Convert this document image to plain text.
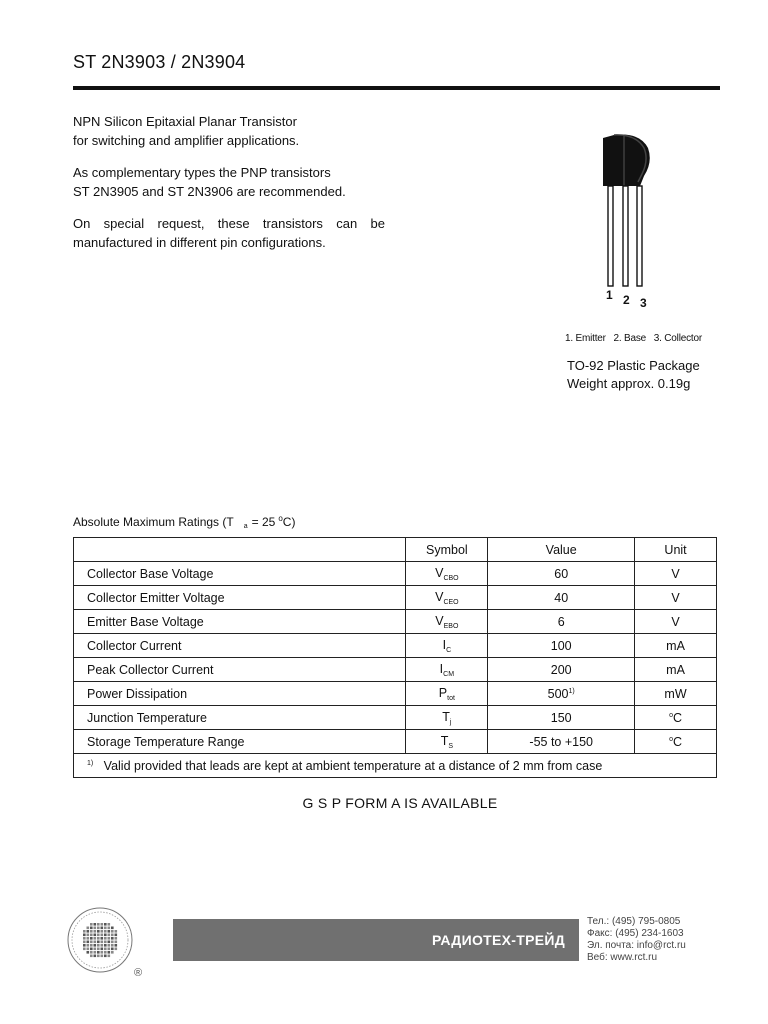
ST 2N3903 / 2N3904
NPN Silicon Epitaxial Planar Transistor
for switching and amplifier applications.
As complementary types the PNP transistors
ST 2N3905 and ST 2N3906 are recommended.
On special request, these transistors can be manufactured in different pin configurations.
1 2 3
1. Emitter   2. Base   3. Collector
TO-92 Plastic Package
Weight approx. 0.19g
Absolute Maximum Ratings (T $_a$ = 25 $^o$C)
	Symbol	Value	Unit
Collector Base Voltage	$V_{CBO}$	60	V
Collector Emitter Voltage	$V_{CEO}$	40	V
Emitter Base Voltage	$V_{EBO}$	6	V
Collector Current	$I_C$	100	mA
Peak Collector Current	$I_{CM}$	200	mA
Power Dissipation	$P_{tot}$	500$^{1)}$	mW
Junction Temperature	$T_j$	150	$^o$C
Storage Temperature Range	$T_S$	-55 to +150	$^o$C
$^{1)}$ Valid provided that leads are kept at ambient temperature at a distance of 2 mm from case			
G S P FORM A IS AVAILABLE
®
РАДИОТЕХ-ТРЕЙД
Тел.: (495) 795-0805
Факс: (495) 234-1603
Эл. почта: info@rct.ru
Веб: www.rct.ru
